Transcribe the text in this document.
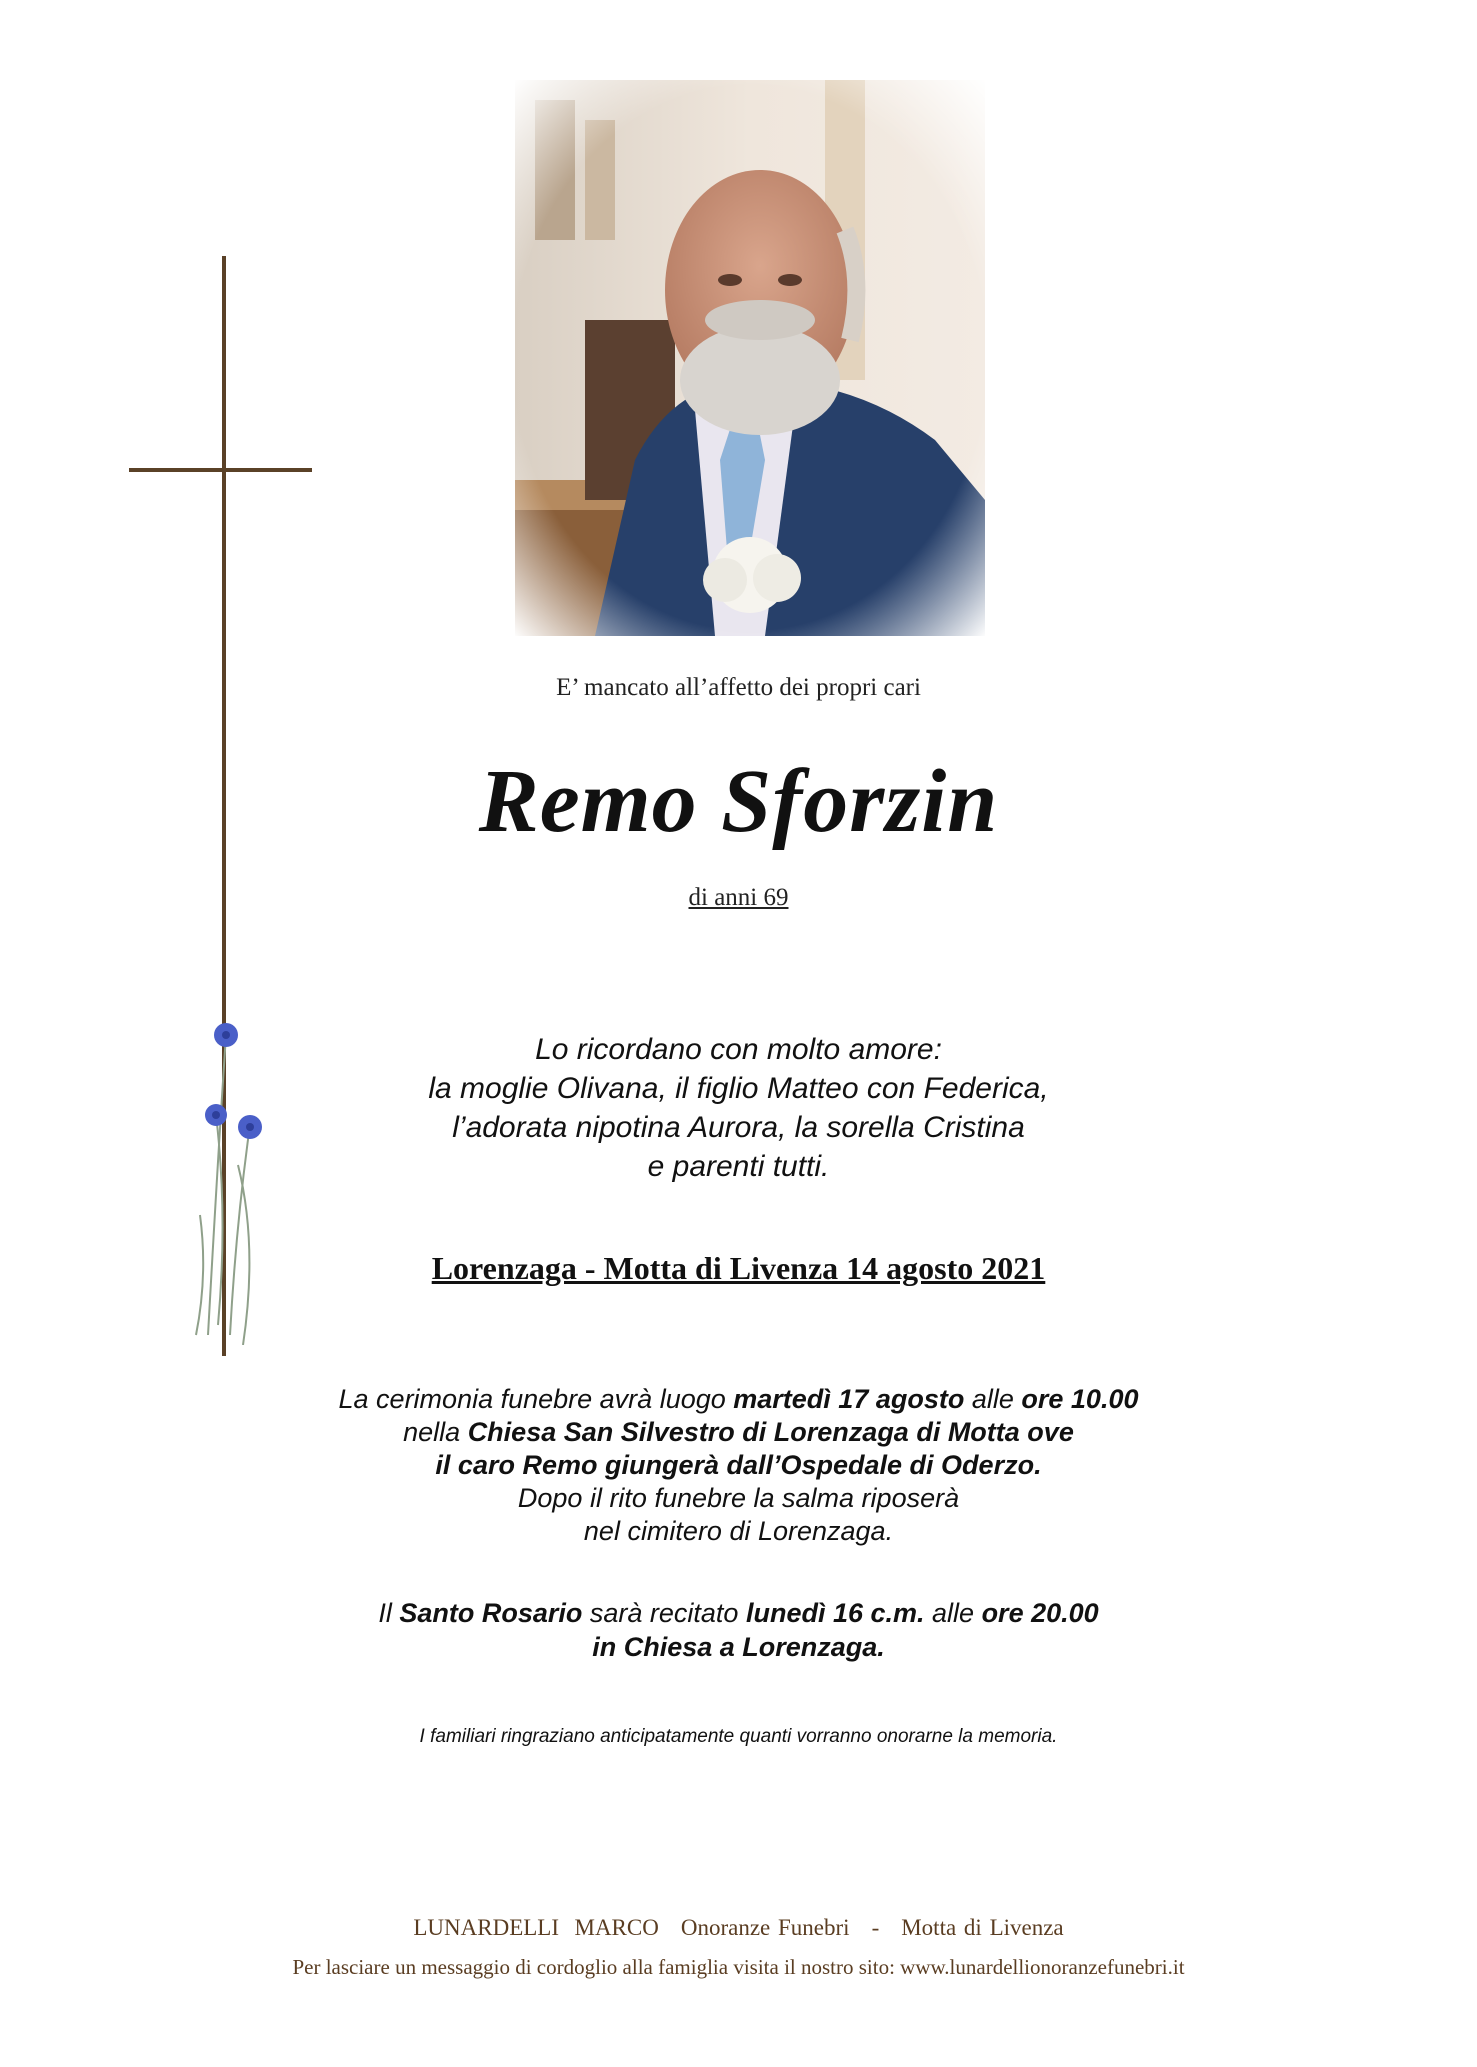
E’ mancato all’affetto dei propri cari
Remo Sforzin
di anni 69
Lo ricordano con molto amore:
la moglie Olivana, il figlio Matteo con Federica,
l’adorata nipotina Aurora, la sorella Cristina
e parenti tutti.
Lorenzaga - Motta di Livenza 14 agosto 2021
La cerimonia funebre avrà luogo martedì 17 agosto alle ore 10.00
nella Chiesa San Silvestro di Lorenzaga di Motta ove
il caro Remo giungerà dall’Ospedale di Oderzo.
Dopo il rito funebre la salma riposerà
nel cimitero di Lorenzaga.
Il Santo Rosario sarà recitato lunedì 16 c.m. alle ore 20.00
in Chiesa a Lorenzaga.
I familiari ringraziano anticipatamente quanti vorranno onorarne la memoria.
LUNARDELLI  MARCO Onoranze Funebri - Motta di Livenza
Per lasciare un messaggio di cordoglio alla famiglia visita il nostro sito: www.lunardellionoranzefunebri.it
